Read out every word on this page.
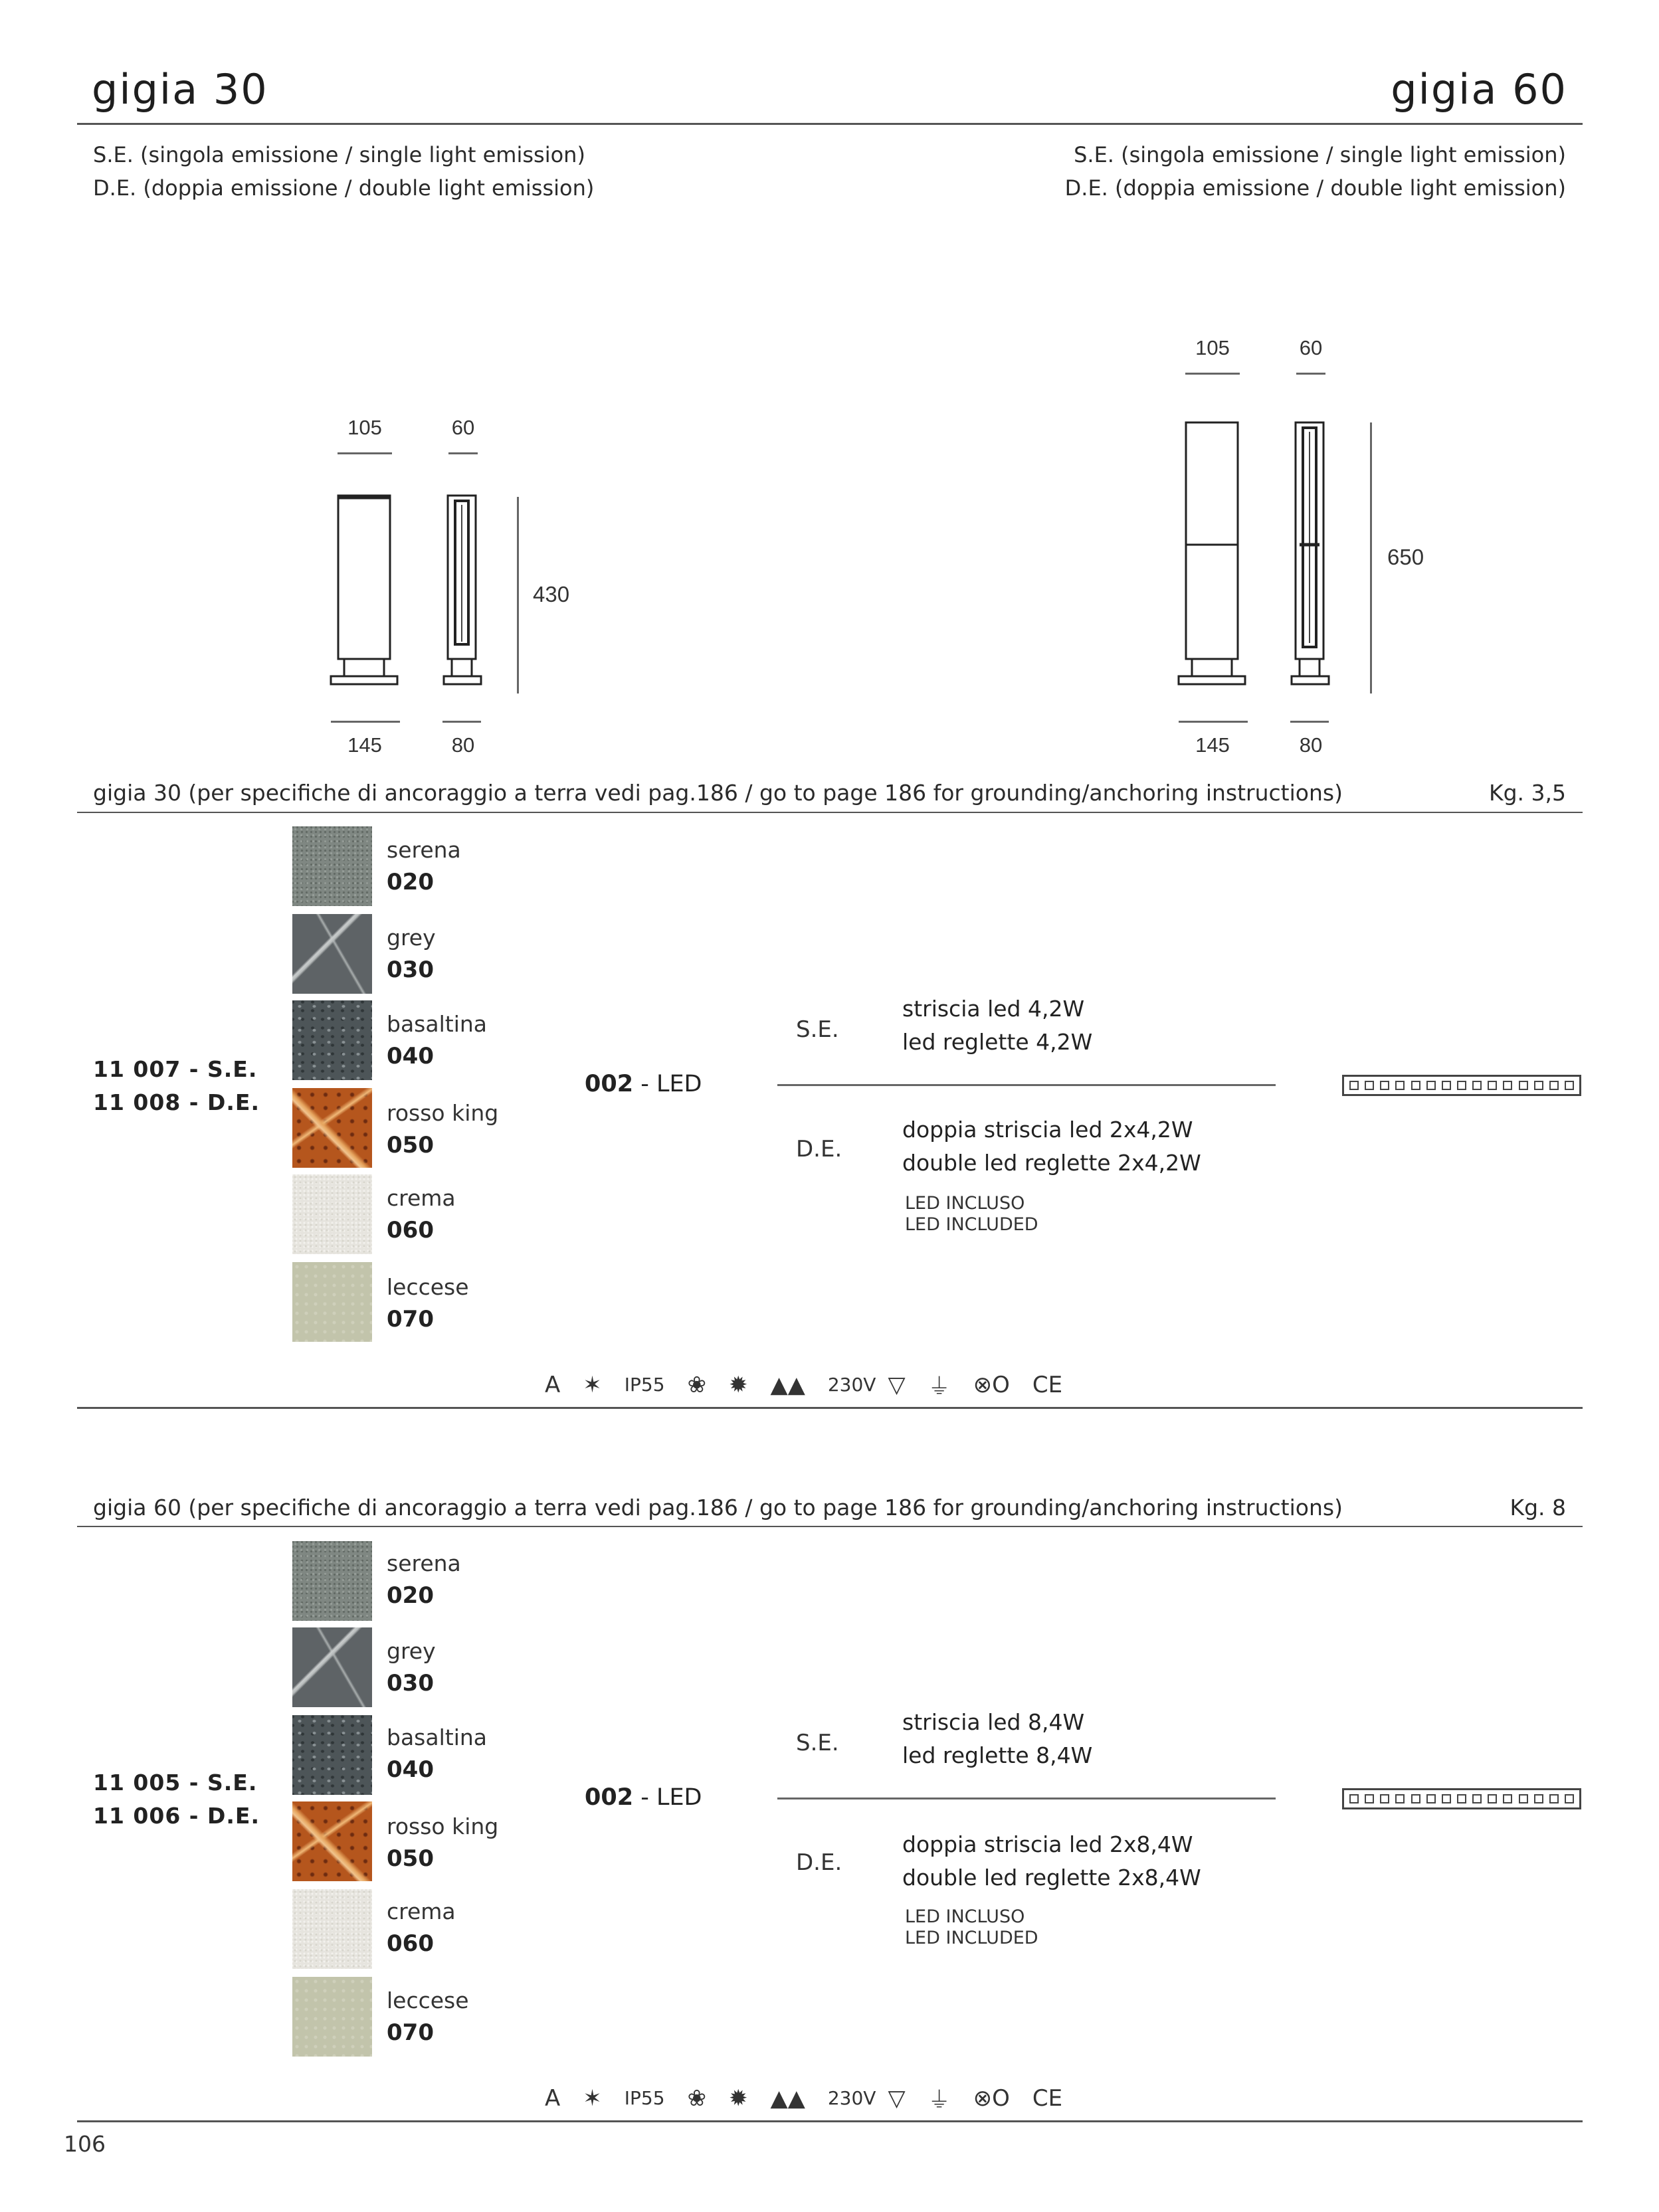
gigia 30	gigia 60
S.E. (singola emissione / single light emission)
D.E. (doppia emissione / double light emission)
S.E. (singola emissione / single light emission)
D.E. (doppia emissione / double light emission)
105	60
430
145	80
105	60
650
145	80
gigia 30 (per specifiche di ancoraggio a terra vedi pag.186 / go to page 186 for grounding/anchoring instructions)	Kg. 3,5
serena
020
grey
030
basaltina
040
rosso king
050
crema
060
leccese
070
11 007 - S.E.
11 008 - D.E.
002 - LED
S.E.
striscia led 4,2W
led reglette 4,2W
D.E.
doppia striscia led 2x4,2W
double led reglette 2x4,2W
LED INCLUSO
LED INCLUDED
A ✶ IP55 ❀ ✹ ▲▲ 230V ▽ ⏚ ⊗O CE
gigia 60 (per specifiche di ancoraggio a terra vedi pag.186 / go to page 186 for grounding/anchoring instructions)	Kg. 8
serena
020
grey
030
basaltina
040
rosso king
050
crema
060
leccese
070
11 005 - S.E.
11 006 - D.E.
002 - LED
S.E.
striscia led 8,4W
led reglette 8,4W
D.E.
doppia striscia led 2x8,4W
double led reglette 2x8,4W
LED INCLUSO
LED INCLUDED
A ✶ IP55 ❀ ✹ ▲▲ 230V ▽ ⏚ ⊗O CE
106
